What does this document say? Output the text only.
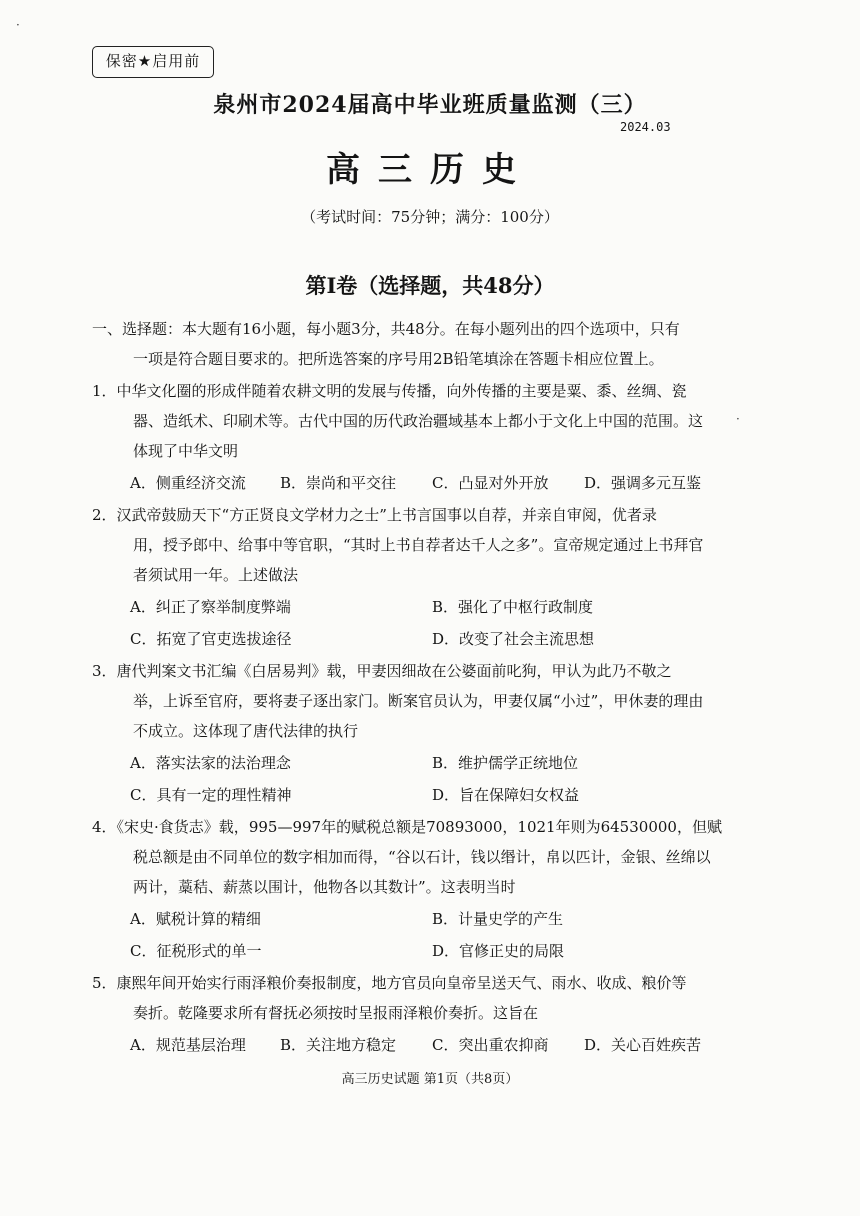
保密★启用前
泉州市2024届高中毕业班质量监测（三）
2024.03
高三历史
（考试时间：75分钟；满分：100分）
第Ⅰ卷（选择题，共48分）
一、选择题：本大题有16小题，每小题3分，共48分。在每小题列出的四个选项中，只有
一项是符合题目要求的。把所选答案的序号用2B铅笔填涂在答题卡相应位置上。
1．中华文化圈的形成伴随着农耕文明的发展与传播，向外传播的主要是粟、黍、丝绸、瓷
器、造纸术、印刷术等。古代中国的历代政治疆域基本上都小于文化上中国的范围。这
体现了中华文明
A．侧重经济交流 B．崇尚和平交往 C．凸显对外开放 D．强调多元互鉴
2．汉武帝鼓励天下“方正贤良文学材力之士”上书言国事以自荐，并亲自审阅，优者录
用，授予郎中、给事中等官职，“其时上书自荐者达千人之多”。宣帝规定通过上书拜官
者须试用一年。上述做法
A．纠正了察举制度弊端	B．强化了中枢行政制度
C．拓宽了官吏选拔途径	D．改变了社会主流思想
3．唐代判案文书汇编《白居易判》载，甲妻因细故在公婆面前叱狗，甲认为此乃不敬之
举，上诉至官府，要将妻子逐出家门。断案官员认为，甲妻仅属“小过”，甲休妻的理由
不成立。这体现了唐代法律的执行
A．落实法家的法治理念	B．维护儒学正统地位
C．具有一定的理性精神	D．旨在保障妇女权益
4．《宋史·食货志》载，995—997年的赋税总额是70893000，1021年则为64530000，但赋
税总额是由不同单位的数字相加而得，“谷以石计，钱以缗计，帛以匹计，金银、丝绵以
两计，藁秸、薪蒸以围计，他物各以其数计”。这表明当时
A．赋税计算的精细	B．计量史学的产生
C．征税形式的单一	D．官修正史的局限
5．康熙年间开始实行雨泽粮价奏报制度，地方官员向皇帝呈送天气、雨水、收成、粮价等
奏折。乾隆要求所有督抚必须按时呈报雨泽粮价奏折。这旨在
A．规范基层治理 B．关注地方稳定 C．突出重农抑商 D．关心百姓疾苦
高三历史试题 第1页（共8页）
·
·
